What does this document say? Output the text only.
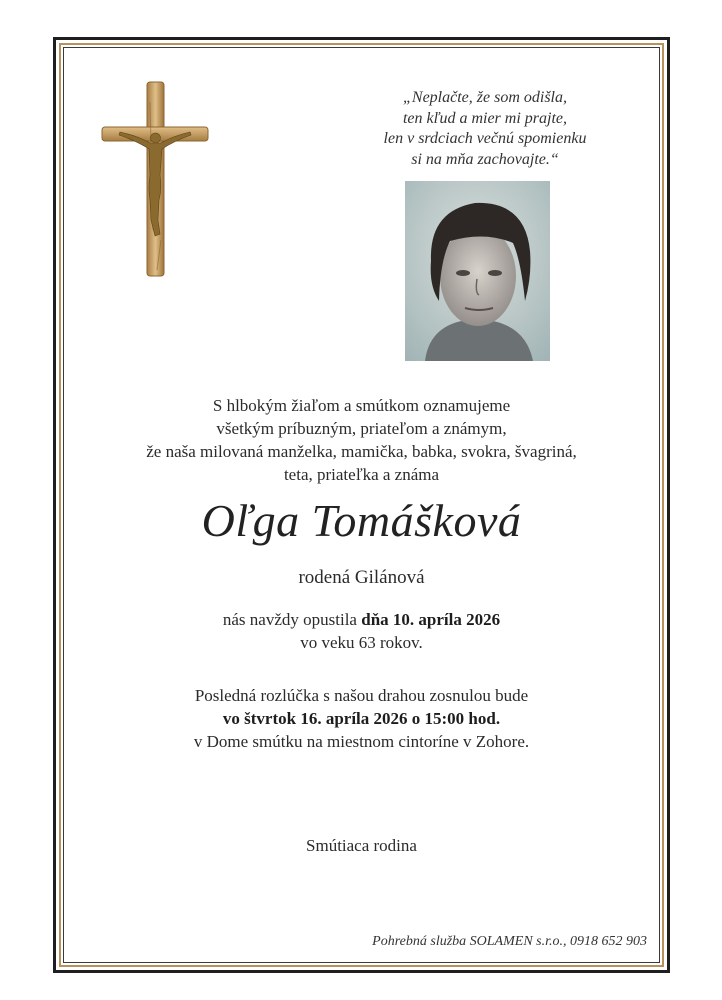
„Neplačte, že som odišla,
ten kľud a mier mi prajte,
len v srdciach večnú spomienku
si na mňa zachovajte.“
S hlbokým žiaľom a smútkom oznamujeme
všetkým príbuzným, priateľom a známym,
že naša milovaná manželka, mamička, babka, svokra, švagriná,
teta, priateľka a známa
Oľga Tomášková
rodená Gilánová
nás navždy opustila dňa 10. apríla 2026
vo veku 63 rokov.
Posledná rozlúčka s našou drahou zosnulou bude
vo štvrtok 16. apríla 2026 o 15:00 hod.
v Dome smútku na miestnom cintoríne v Zohore.
Smútiaca rodina
Pohrebná služba SOLAMEN s.r.o., 0918 652 903
